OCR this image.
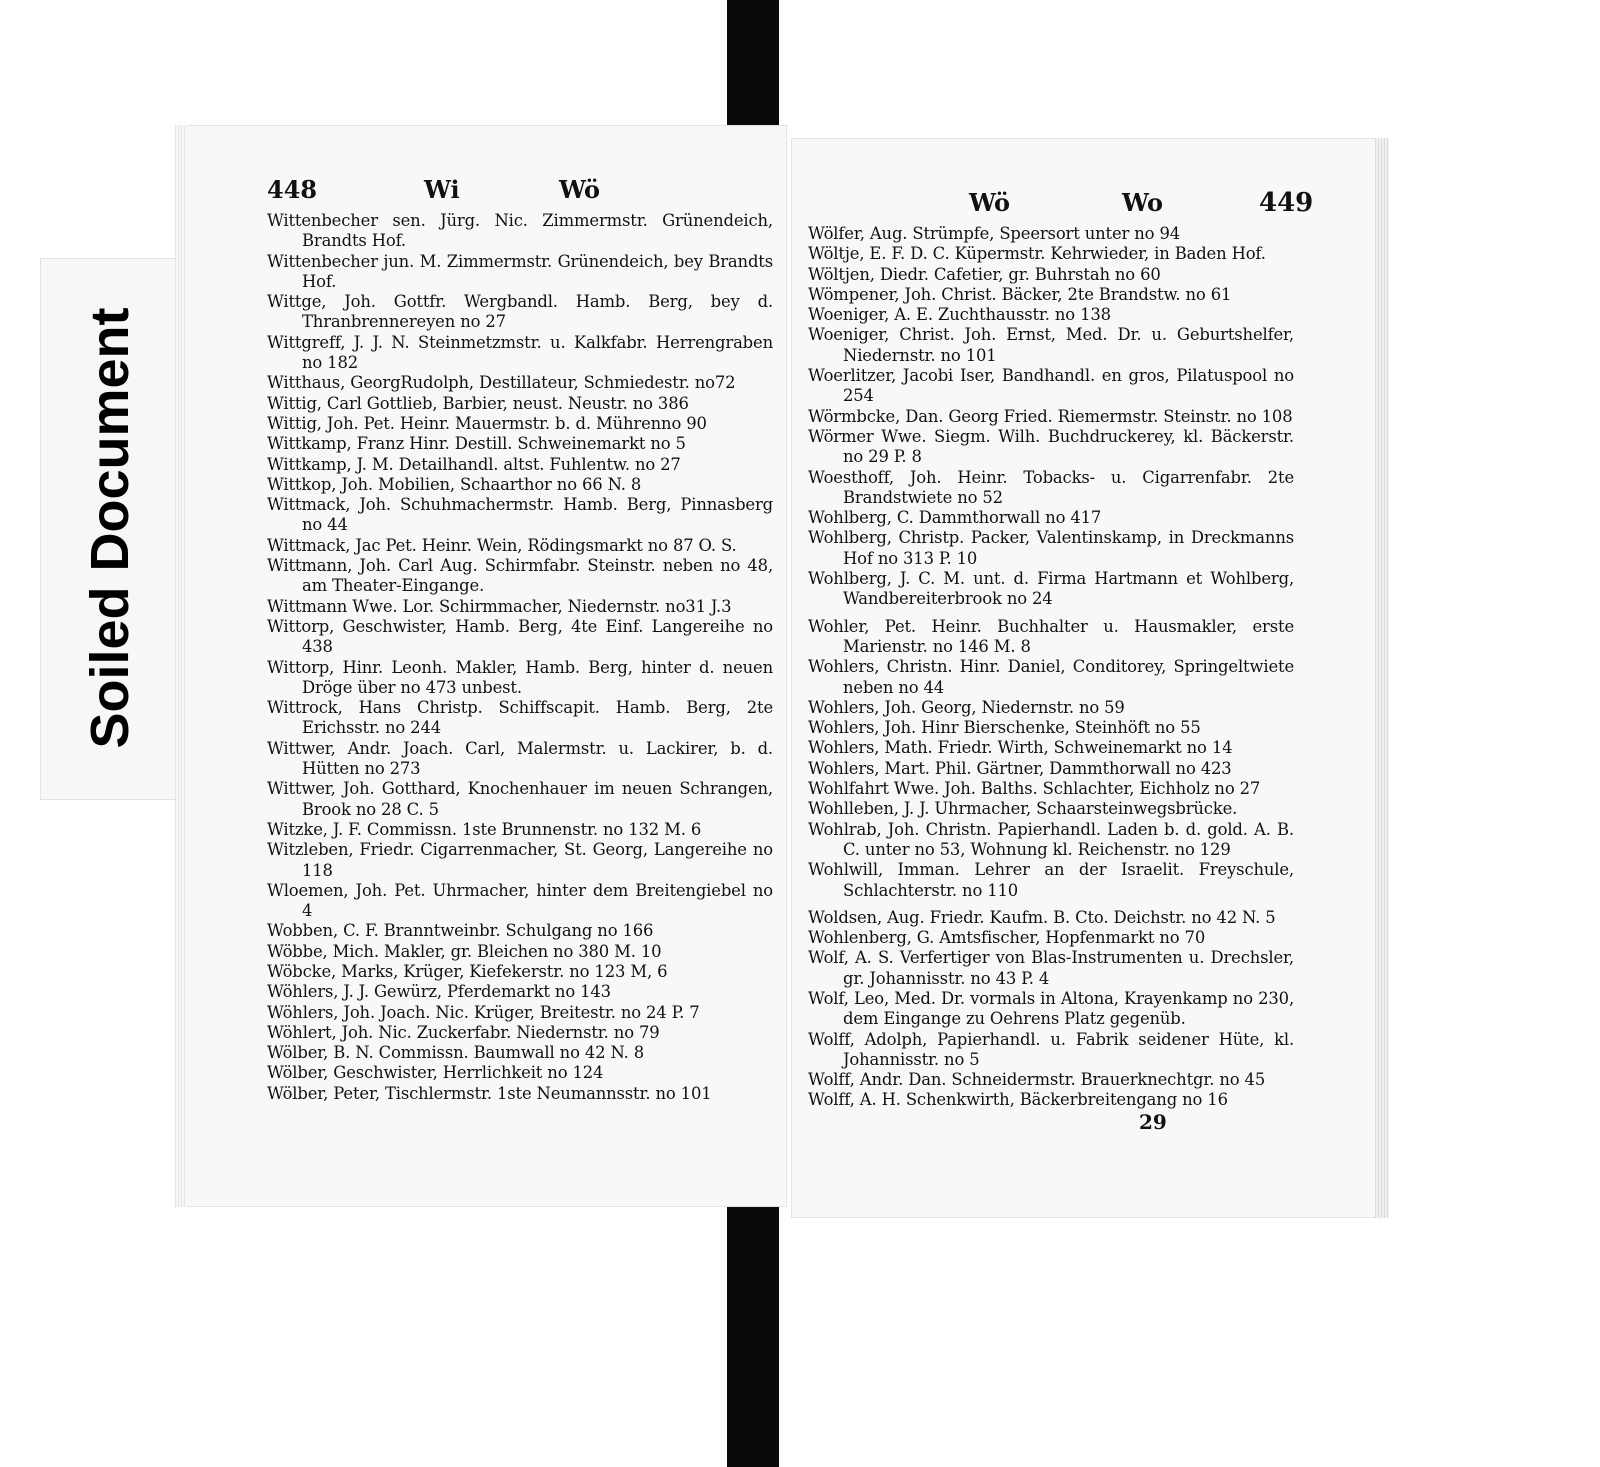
Soiled Document
448	Wi	Wö
Wittenbecher sen. Jürg. Nic. Zimmermstr. Grünendeich, Brandts Hof.
Wittenbecher jun. M. Zimmermstr. Grünendeich, bey Brandts Hof.
Wittge, Joh. Gottfr. Wergbandl. Hamb. Berg, bey d. Thranbrennereyen no 27
Wittgreff, J. J. N. Steinmetzmstr. u. Kalkfabr. Herrengraben no 182
Witthaus, GeorgRudolph, Destillateur, Schmiedestr. no72
Wittig, Carl Gottlieb, Barbier, neust. Neustr. no 386
Wittig, Joh. Pet. Heinr. Mauermstr. b. d. Mührenno 90
Wittkamp, Franz Hinr. Destill. Schweinemarkt no 5
Wittkamp, J. M. Detailhandl. altst. Fuhlentw. no 27
Wittkop, Joh. Mobilien, Schaarthor no 66 N. 8
Wittmack, Joh. Schuhmachermstr. Hamb. Berg, Pinnasberg no 44
Wittmack, Jac Pet. Heinr. Wein, Rödingsmarkt no 87 O. S.
Wittmann, Joh. Carl Aug. Schirmfabr. Steinstr. neben no 48, am Theater-Eingange.
Wittmann Wwe. Lor. Schirmmacher, Niedernstr. no31 J.3
Wittorp, Geschwister, Hamb. Berg, 4te Einf. Langereihe no 438
Wittorp, Hinr. Leonh. Makler, Hamb. Berg, hinter d. neuen Dröge über no 473 unbest.
Wittrock, Hans Christp. Schiffscapit. Hamb. Berg, 2te Erichsstr. no 244
Wittwer, Andr. Joach. Carl, Malermstr. u. Lackirer, b. d. Hütten no 273
Wittwer, Joh. Gotthard, Knochenhauer im neuen Schrangen, Brook no 28 C. 5
Witzke, J. F. Commissn. 1ste Brunnenstr. no 132 M. 6
Witzleben, Friedr. Cigarrenmacher, St. Georg, Langereihe no 118
Wloemen, Joh. Pet. Uhrmacher, hinter dem Breitengiebel no 4
Wobben, C. F. Branntweinbr. Schulgang no 166
Wöbbe, Mich. Makler, gr. Bleichen no 380 M. 10
Wöbcke, Marks, Krüger, Kiefekerstr. no 123 M, 6
Wöhlers, J. J. Gewürz, Pferdemarkt no 143
Wöhlers, Joh. Joach. Nic. Krüger, Breitestr. no 24 P. 7
Wöhlert, Joh. Nic. Zuckerfabr. Niedernstr. no 79
Wölber, B. N. Commissn. Baumwall no 42 N. 8
Wölber, Geschwister, Herrlichkeit no 124
Wölber, Peter, Tischlermstr. 1ste Neumannsstr. no 101
Wö	Wo	449
Wölfer, Aug. Strümpfe, Speersort unter no 94
Wöltje, E. F. D. C. Küpermstr. Kehrwieder, in Baden Hof.
Wöltjen, Diedr. Cafetier, gr. Buhrstah no 60
Wömpener, Joh. Christ. Bäcker, 2te Brandstw. no 61
Woeniger, A. E. Zuchthausstr. no 138
Woeniger, Christ. Joh. Ernst, Med. Dr. u. Geburtshelfer, Niedernstr. no 101
Woerlitzer, Jacobi Iser, Bandhandl. en gros, Pilatuspool no 254
Wörmbcke, Dan. Georg Fried. Riemermstr. Steinstr. no 108
Wörmer Wwe. Siegm. Wilh. Buchdruckerey, kl. Bäckerstr. no 29 P. 8
Woesthoff, Joh. Heinr. Tobacks- u. Cigarrenfabr. 2te Brandstwiete no 52
Wohlberg, C. Dammthorwall no 417
Wohlberg, Christp. Packer, Valentinskamp, in Dreckmanns Hof no 313 P. 10
Wohlberg, J. C. M. unt. d. Firma Hartmann et Wohlberg, Wandbereiterbrook no 24
Wohler, Pet. Heinr. Buchhalter u. Hausmakler, erste Marienstr. no 146 M. 8
Wohlers, Christn. Hinr. Daniel, Conditorey, Springeltwiete neben no 44
Wohlers, Joh. Georg, Niedernstr. no 59
Wohlers, Joh. Hinr Bierschenke, Steinhöft no 55
Wohlers, Math. Friedr. Wirth, Schweinemarkt no 14
Wohlers, Mart. Phil. Gärtner, Dammthorwall no 423
Wohlfahrt Wwe. Joh. Balths. Schlachter, Eichholz no 27
Wohlleben, J. J. Uhrmacher, Schaarsteinwegsbrücke.
Wohlrab, Joh. Christn. Papierhandl. Laden b. d. gold. A. B. C. unter no 53, Wohnung kl. Reichenstr. no 129
Wohlwill, Imman. Lehrer an der Israelit. Freyschule, Schlachterstr. no 110
Woldsen, Aug. Friedr. Kaufm. B. Cto. Deichstr. no 42 N. 5
Wohlenberg, G. Amtsfischer, Hopfenmarkt no 70
Wolf, A. S. Verfertiger von Blas-Instrumenten u. Drechsler, gr. Johannisstr. no 43 P. 4
Wolf, Leo, Med. Dr. vormals in Altona, Krayenkamp no 230, dem Eingange zu Oehrens Platz gegenüb.
Wolff, Adolph, Papierhandl. u. Fabrik seidener Hüte, kl. Johannisstr. no 5
Wolff, Andr. Dan. Schneidermstr. Brauerknechtgr. no 45
Wolff, A. H. Schenkwirth, Bäckerbreitengang no 16
29
